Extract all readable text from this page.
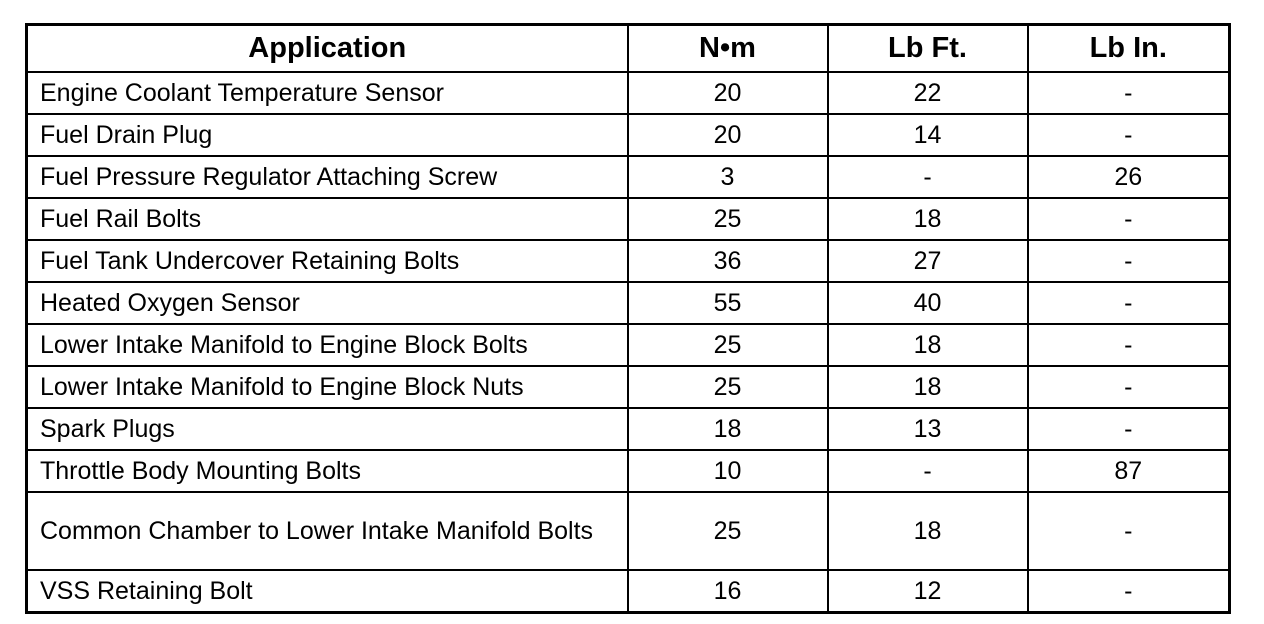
Application	N•m	Lb Ft.	Lb In.
Engine Coolant Temperature Sensor	20	22	-
Fuel Drain Plug	20	14	-
Fuel Pressure Regulator Attaching Screw	3	-	26
Fuel Rail Bolts	25	18	-
Fuel Tank Undercover Retaining Bolts	36	27	-
Heated Oxygen Sensor	55	40	-
Lower Intake Manifold to Engine Block Bolts	25	18	-
Lower Intake Manifold to Engine Block Nuts	25	18	-
Spark Plugs	18	13	-
Throttle Body Mounting Bolts	10	-	87
Common Chamber to Lower Intake Manifold Bolts	25	18	-
VSS Retaining Bolt	16	12	-
